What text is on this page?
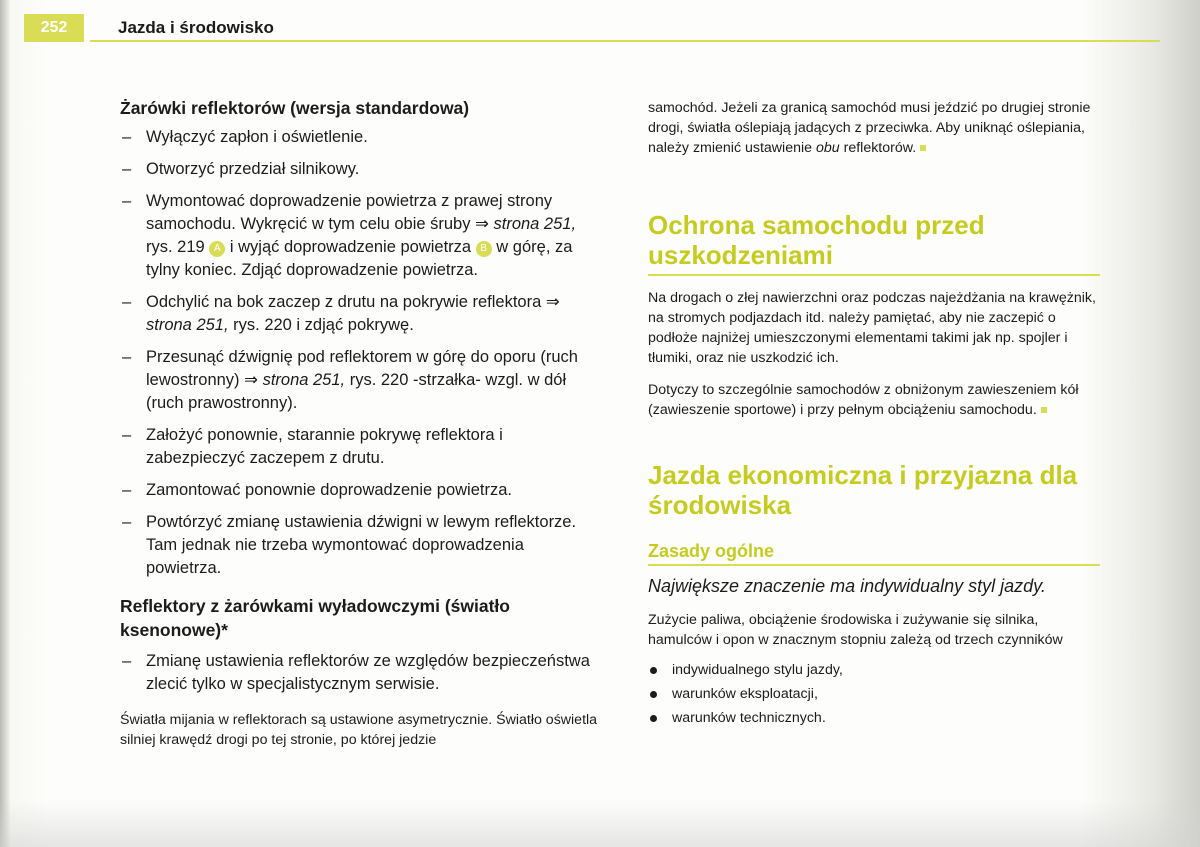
252	Jazda i środowisko

Żarówki reflektorów (wersja standardowa)

– Wyłączyć zapłon i oświetlenie.
– Otworzyć przedział silnikowy.
– Wymontować doprowadzenie powietrza z prawej strony samochodu. Wykręcić w tym celu obie śruby ⇒ strona 251, rys. 219 A i wyjąć doprowadzenie powietrza B w górę, za tylny koniec. Zdjąć doprowadzenie powietrza.
– Odchylić na bok zaczep z drutu na pokrywie reflektora ⇒ strona 251, rys. 220 i zdjąć pokrywę.
– Przesunąć dźwignię pod reflektorem w górę do oporu (ruch lewostronny) ⇒ strona 251, rys. 220 -strzałka- wzgl. w dół (ruch prawostronny).
– Założyć ponownie, starannie pokrywę reflektora i zabezpieczyć zaczepem z drutu.
– Zamontować ponownie doprowadzenie powietrza.
– Powtórzyć zmianę ustawienia dźwigni w lewym reflektorze. Tam jednak nie trzeba wymontować doprowadzenia powietrza.

Reflektory z żarówkami wyładowczymi (światło ksenonowe)*

– Zmianę ustawienia reflektorów ze względów bezpieczeństwa zlecić tylko w specjalistycznym serwisie.

Światła mijania w reflektorach są ustawione asymetrycznie. Światło oświetla silniej krawędź drogi po tej stronie, po której jedzie

samochód. Jeżeli za granicą samochód musi jeździć po drugiej stronie drogi, światła oślepiają jadących z przeciwka. Aby uniknąć oślepiania, należy zmienić ustawienie obu reflektorów.

Ochrona samochodu przed uszkodzeniami

Na drogach o złej nawierzchni oraz podczas najeżdżania na krawężnik, na stromych podjazdach itd. należy pamiętać, aby nie zaczepić o podłoże najniżej umieszczonymi elementami takimi jak np. spojler i tłumiki, oraz nie uszkodzić ich.

Dotyczy to szczególnie samochodów z obniżonym zawieszeniem kół (zawieszenie sportowe) i przy pełnym obciążeniu samochodu.

Jazda ekonomiczna i przyjazna dla środowiska

Zasady ogólne

Największe znaczenie ma indywidualny styl jazdy.

Zużycie paliwa, obciążenie środowiska i zużywanie się silnika, hamulców i opon w znacznym stopniu zależą od trzech czynników

indywidualnego stylu jazdy,
warunków eksploatacji,
warunków technicznych.
